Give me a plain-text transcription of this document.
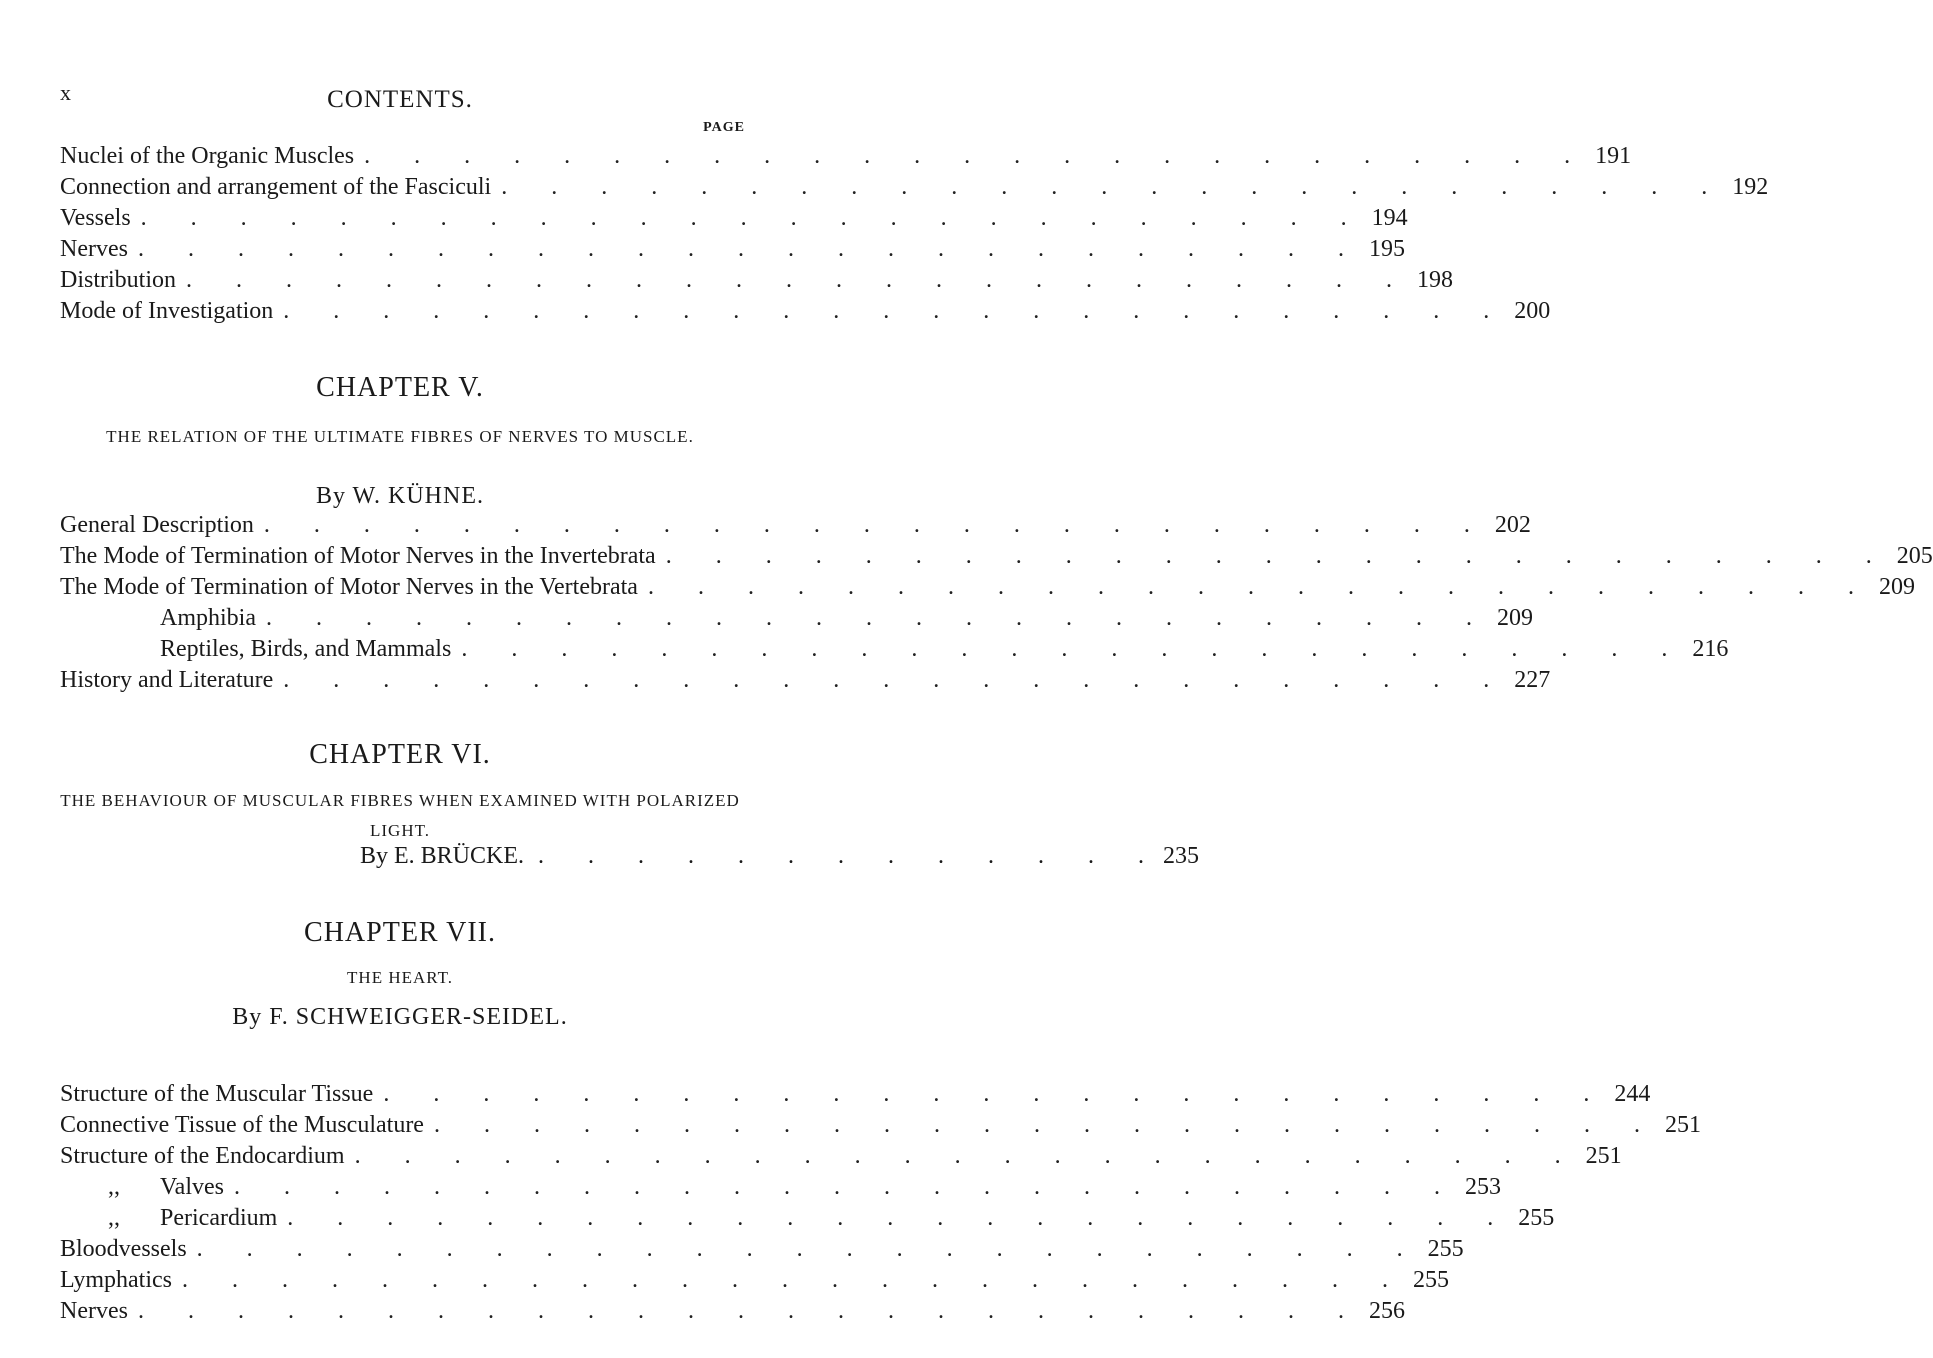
x	CONTENTS.
PAGE
Nuclei of the Organic Muscles . . . . . . . . . . . . . . . . . . . . . . . . . 191
Connection and arrangement of the Fasciculi . . . . . . . . . . . . . . . . . . . . . . . . . 192
Vessels . . . . . . . . . . . . . . . . . . . . . . . . . 194
Nerves . . . . . . . . . . . . . . . . . . . . . . . . . 195
Distribution . . . . . . . . . . . . . . . . . . . . . . . . . 198
Mode of Investigation . . . . . . . . . . . . . . . . . . . . . . . . . 200
CHAPTER V.
THE RELATION OF THE ULTIMATE FIBRES OF NERVES TO MUSCLE.
By W. KÜHNE.
General Description . . . . . . . . . . . . . . . . . . . . . . . . . 202
The Mode of Termination of Motor Nerves in the Invertebrata . . . . . . . . . . . . . . . . . . . . . . . . . 205
The Mode of Termination of Motor Nerves in the Vertebrata . . . . . . . . . . . . . . . . . . . . . . . . . 209
Amphibia . . . . . . . . . . . . . . . . . . . . . . . . . 209
Reptiles, Birds, and Mammals . . . . . . . . . . . . . . . . . . . . . . . . . 216
History and Literature . . . . . . . . . . . . . . . . . . . . . . . . . 227
CHAPTER VI.
THE BEHAVIOUR OF MUSCULAR FIBRES WHEN EXAMINED WITH POLARIZED LIGHT.
By E. BRÜCKE. . . . . . . . . . . . . . 235
CHAPTER VII.
THE HEART.
By F. SCHWEIGGER-SEIDEL.
Structure of the Muscular Tissue . . . . . . . . . . . . . . . . . . . . . . . . . 244
Connective Tissue of the Musculature . . . . . . . . . . . . . . . . . . . . . . . . . 251
Structure of the Endocardium . . . . . . . . . . . . . . . . . . . . . . . . . 251
,, Valves . . . . . . . . . . . . . . . . . . . . . . . . . 253
,, Pericardium . . . . . . . . . . . . . . . . . . . . . . . . . 255
Bloodvessels . . . . . . . . . . . . . . . . . . . . . . . . . 255
Lymphatics . . . . . . . . . . . . . . . . . . . . . . . . . 255
Nerves . . . . . . . . . . . . . . . . . . . . . . . . . 256
